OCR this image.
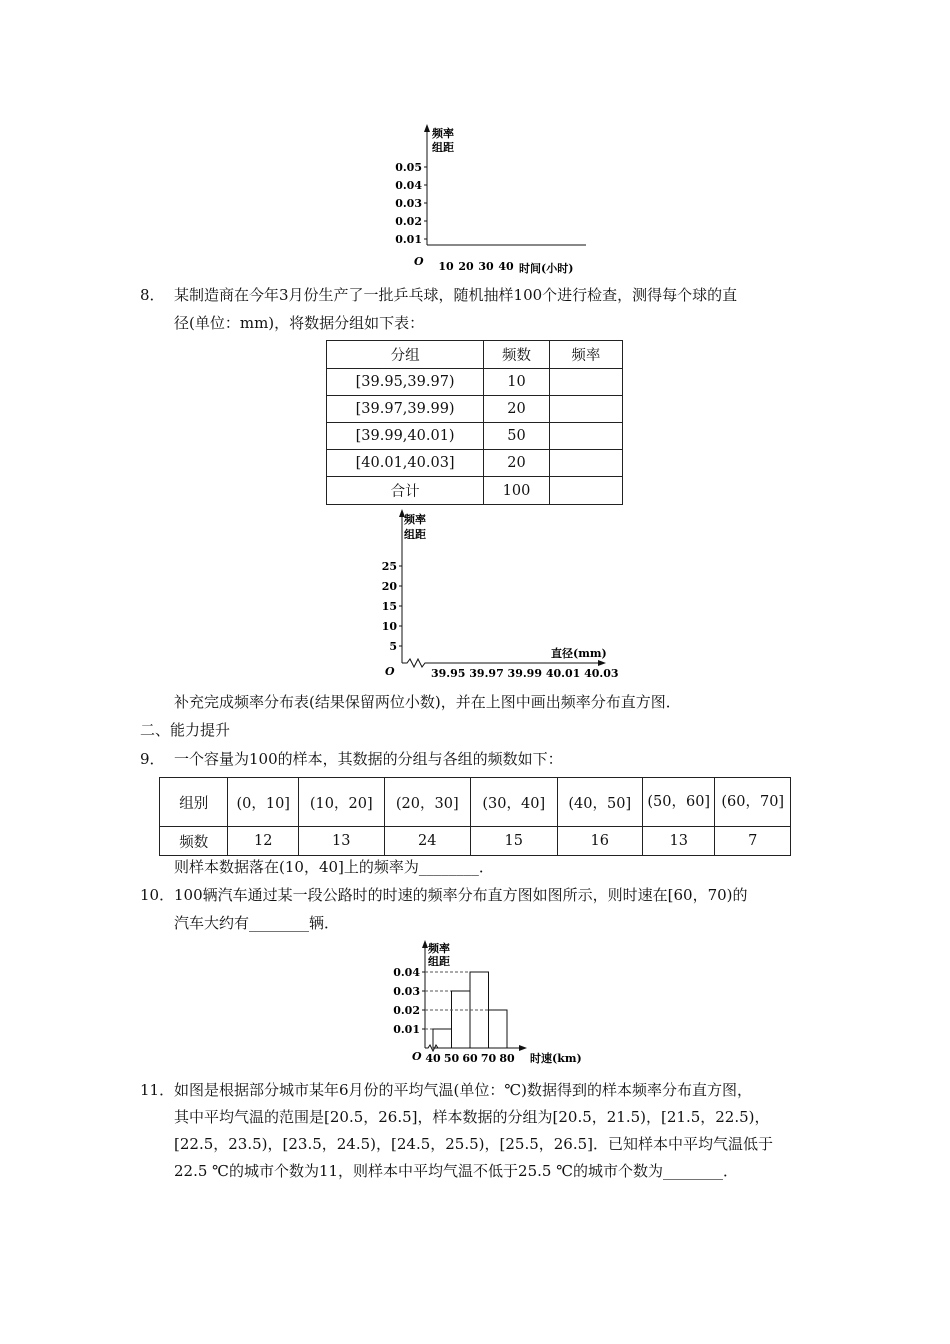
频率
组距
0.05
0.04
0.03
0.02
0.01
O 10 20 30 40 时间(小时)
8． 某制造商在今年3月份生产了一批乒乓球，随机抽样100个进行检查，测得每个球的直
径(单位：mm)，将数据分组如下表：
分组	频数	频率
[39.95,39.97)	10	
[39.97,39.99)	20	
[39.99,40.01)	50	
[40.01,40.03]	20	
合计	100	
频率
组距
25
20
15
10
5
直径(mm)
O	39.95 39.97 39.99 40.01 40.03
补充完成频率分布表(结果保留两位小数)，并在上图中画出频率分布直方图．
二、能力提升
9． 一个容量为100的样本，其数据的分组与各组的频数如下：
组别	(0，10]	(10，20]	(20，30]	(30，40]	(40，50]	(50，60]	(60，70]
频数	12	13	24	15	16	13	7
则样本数据落在(10，40]上的频率为________．
10． 100辆汽车通过某一段公路时的时速的频率分布直方图如图所示，则时速在[60，70)的
汽车大约有________辆．
频率
组距
0.04
0.03
0.02
0.01
40 50 60 70 80
O	时速(km)
11． 如图是根据部分城市某年6月份的平均气温(单位：℃)数据得到的样本频率分布直方图，
其中平均气温的范围是[20.5，26.5]，样本数据的分组为[20.5，21.5)，[21.5，22.5)，
[22.5，23.5)，[23.5，24.5)，[24.5，25.5)，[25.5，26.5]．已知样本中平均气温低于
22.5 ℃的城市个数为11，则样本中平均气温不低于25.5 ℃的城市个数为________．
